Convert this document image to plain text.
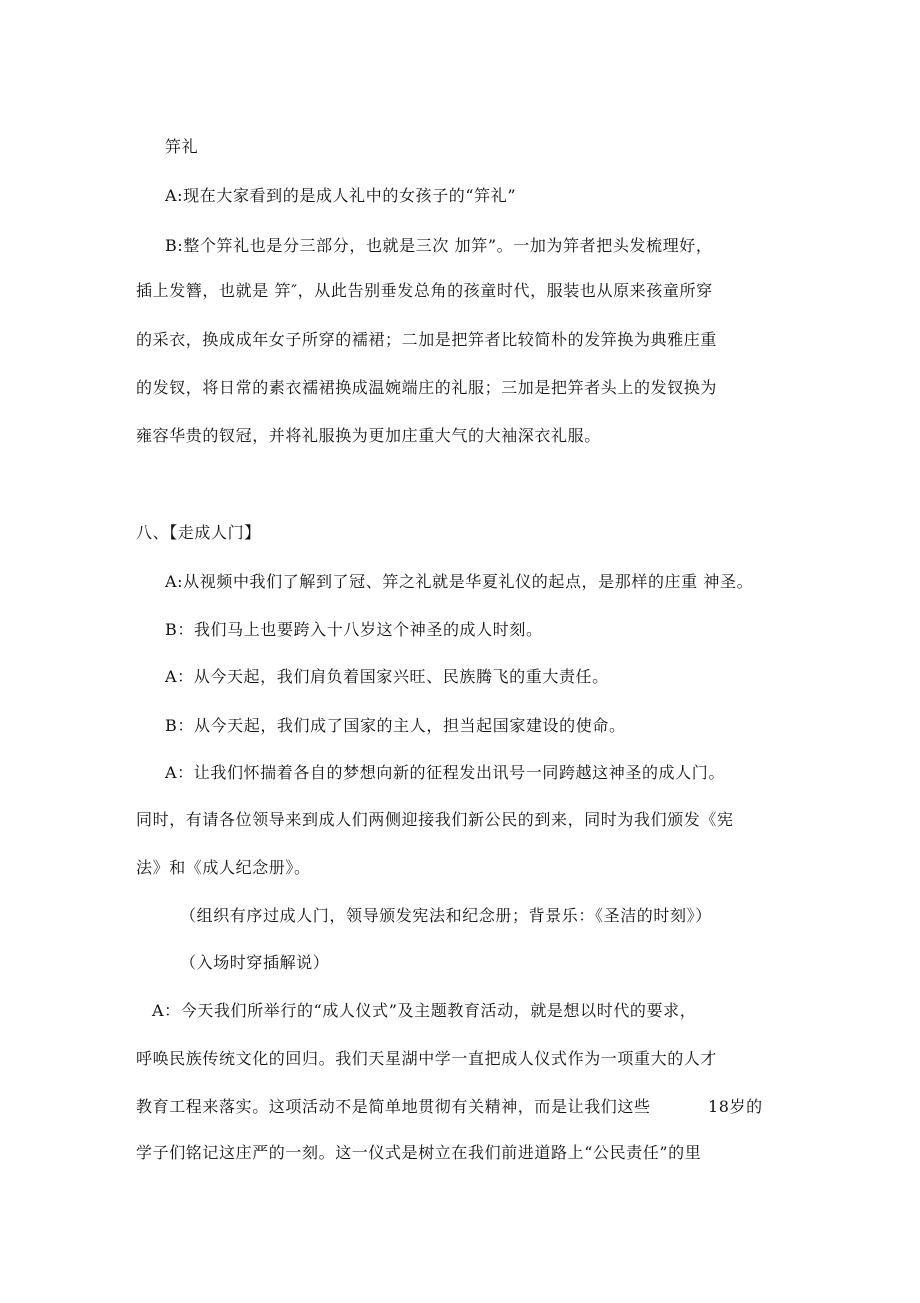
笄礼
A:现在大家看到的是成人礼中的女孩子的“笄礼”
B:整个笄礼也是分三部分，也就是三次 加笄”。一加为笄者把头发梳理好，
插上发簪，也就是 笄″，从此告别垂发总角的孩童时代，服装也从原来孩童所穿
的采衣，换成成年女子所穿的襦裙；二加是把笄者比较简朴的发笄换为典雅庄重
的发钗，将日常的素衣襦裙换成温婉端庄的礼服；三加是把笄者头上的发钗换为
雍容华贵的钗冠，并将礼服换为更加庄重大气的大袖深衣礼服。
八、【走成人门】
A:从视频中我们了解到了冠、笄之礼就是华夏礼仪的起点，是那样的庄重 神圣。
B：我们马上也要跨入十八岁这个神圣的成人时刻。
A：从今天起，我们肩负着国家兴旺、民族腾飞的重大责任。
B：从今天起，我们成了国家的主人，担当起国家建设的使命。
A：让我们怀揣着各自的梦想向新的征程发出讯号一同跨越这神圣的成人门。
同时，有请各位领导来到成人们两侧迎接我们新公民的到来，同时为我们颁发《宪
法》和《成人纪念册》。
（组织有序过成人门，领导颁发宪法和纪念册；背景乐：《圣洁的时刻》）
（入场时穿插解说）
A：今天我们所举行的“成人仪式”及主题教育活动，就是想以时代的要求，
呼唤民族传统文化的回归。我们天星湖中学一直把成人仪式作为一项重大的人才
教育工程来落实。这项活动不是简单地贯彻有关精神，而是让我们这些	18岁的
学子们铭记这庄严的一刻。这一仪式是树立在我们前进道路上“公民责任”的里
